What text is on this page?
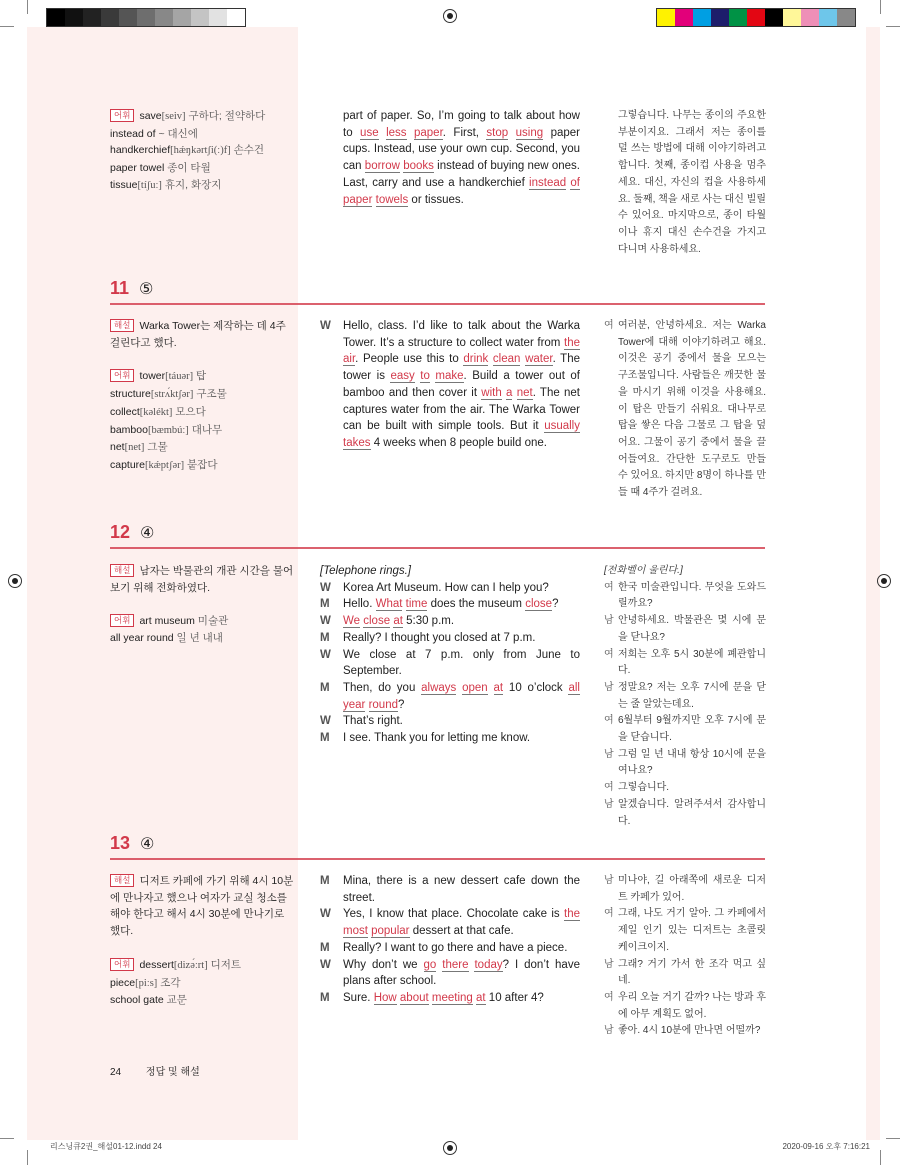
어휘 save[seiv] 구하다; 절약하다
instead of ~ 대신에
handkerchief[hǽŋkərtʃi(ː)f] 손수건
paper towel 종이 타월
tissue[tíʃuː] 휴지, 화장지
part of paper. So, I’m going to talk about how to use less paper. First, stop using paper cups. Instead, use your own cup. Second, you can borrow books instead of buying new ones. Last, carry and use a handkerchief instead of paper towels or tissues.
그렇습니다. 나무는 종이의 주요한 부분이지요. 그래서 저는 종이를 덜 쓰는 방법에 대해 이야기하려고 합니다. 첫째, 종이컵 사용을 멈추세요. 대신, 자신의 컵을 사용하세요. 둘째, 책을 새로 사는 대신 빌릴 수 있어요. 마지막으로, 종이 타월이나 휴지 대신 손수건을 가지고 다니며 사용하세요.
11 ⑤
해설 Warka Tower는 제작하는 데 4주 걸린다고 했다.
어휘 tower[táuər] 탑
structure[strʌ́ktʃər] 구조물
collect[kəlékt] 모으다
bamboo[bæmbúː] 대나무
net[net] 그물
capture[kǽptʃər] 붙잡다
W	Hello, class. I’d like to talk about the Warka Tower. It’s a structure to collect water from the air. People use this to drink clean water. The tower is easy to make. Build a tower out of bamboo and then cover it with a net. The net captures water from the air. The Warka Tower can be built with simple tools. But it usually takes 4 weeks when 8 people build one.
여 여러분, 안녕하세요. 저는 Warka Tower에 대해 이야기하려고 해요. 이것은 공기 중에서 물을 모으는 구조물입니다. 사람들은 깨끗한 물을 마시기 위해 이것을 사용해요. 이 탑은 만들기 쉬워요. 대나무로 탑을 쌓은 다음 그물로 그 탑을 덮어요. 그물이 공기 중에서 물을 끌어들여요. 간단한 도구로도 만들 수 있어요. 하지만 8명이 하나를 만들 때 4주가 걸려요.
12 ④
해설 남자는 박물관의 개관 시간을 물어보기 위해 전화하였다.
어휘 art museum 미술관
all year round 일 년 내내
[Telephone rings.]
W	Korea Art Museum. How can I help you?
M	Hello. What time does the museum close?
W	We close at 5:30 p.m.
M	Really? I thought you closed at 7 p.m.
W	We close at 7 p.m. only from June to September.
M	Then, do you always open at 10 o’clock all year round?
W	That’s right.
M	I see. Thank you for letting me know.
[전화벨이 울린다.]
여 한국 미술관입니다. 무엇을 도와드릴까요?
남 안녕하세요. 박물관은 몇 시에 문을 닫나요?
여 저희는 오후 5시 30분에 폐관합니다.
남 정말요? 저는 오후 7시에 문을 닫는 줄 알았는데요.
여 6월부터 9월까지만 오후 7시에 문을 닫습니다.
남 그럼 일 년 내내 항상 10시에 문을 여나요?
여 그렇습니다.
남 알겠습니다. 알려주셔서 감사합니다.
13 ④
해설 디저트 카페에 가기 위해 4시 10분에 만나자고 했으나 여자가 교실 청소를 해야 한다고 해서 4시 30분에 만나기로 했다.
어휘 dessert[dizə́ːrt] 디저트
piece[piːs] 조각
school gate 교문
M	Mina, there is a new dessert cafe down the street.
W	Yes, I know that place. Chocolate cake is the most popular dessert at that cafe.
M	Really? I want to go there and have a piece.
W	Why don’t we go there today? I don’t have plans after school.
M	Sure. How about meeting at 10 after 4?
남 미나야, 길 아래쪽에 새로운 디저트 카페가 있어.
여 그래, 나도 거기 알아. 그 카페에서 제일 인기 있는 디저트는 초콜릿 케이크이지.
남 그래? 거기 가서 한 조각 먹고 싶네.
여 우리 오늘 거기 갈까? 나는 방과 후에 아무 계획도 없어.
남 좋아. 4시 10분에 만나면 어떨까?
24 정답 및 해설
리스닝큐2권_해설01-12.indd 24	2020-09-16 오후 7:16:21
